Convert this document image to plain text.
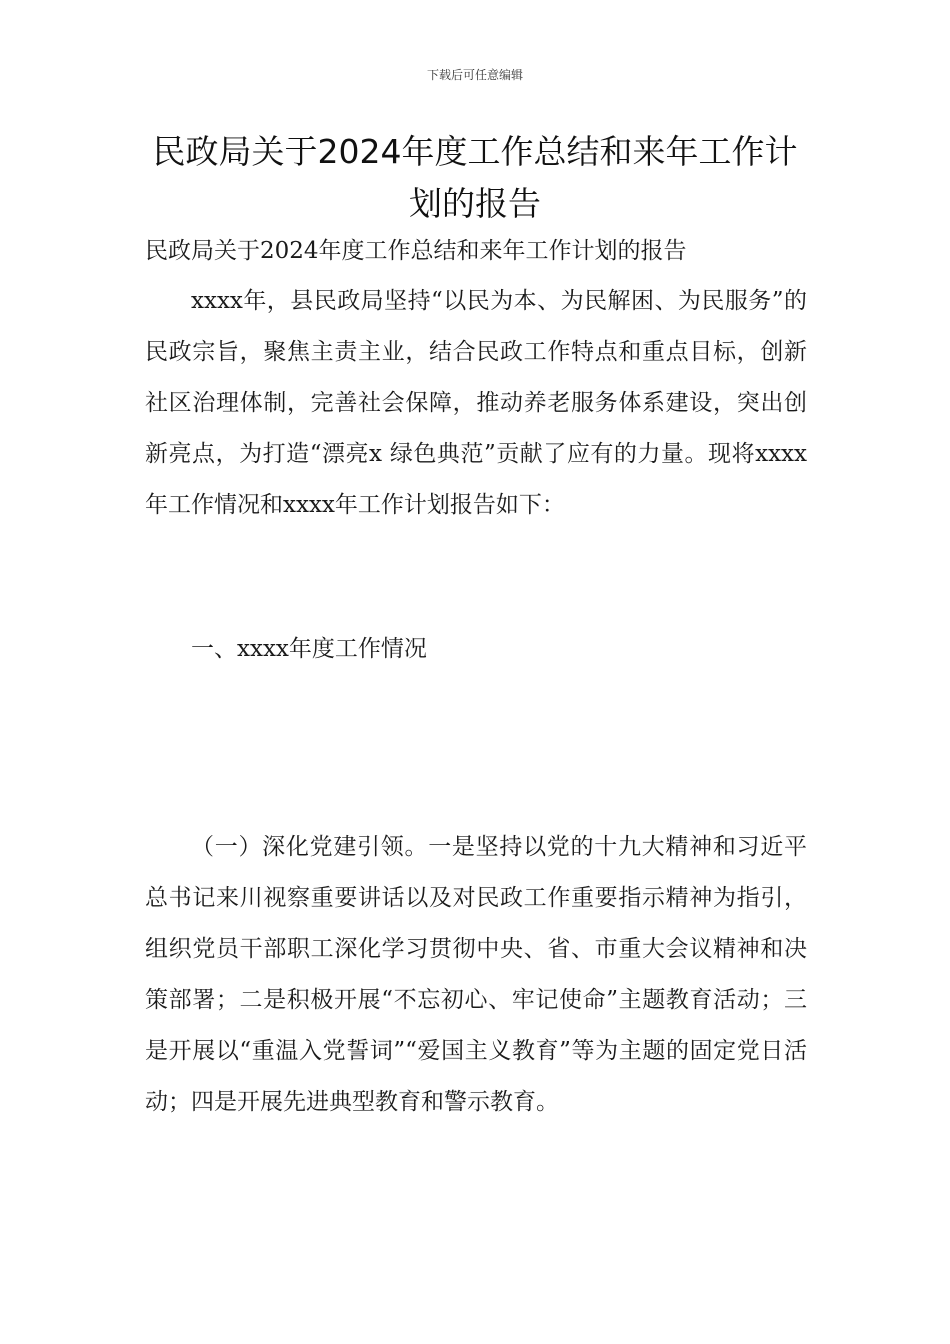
下载后可任意编辑
民政局关于2024年度工作总结和来年工作计划的报告

民政局关于2024年度工作总结和来年工作计划的报告

xxxx年，县民政局坚持“以民为本、为民解困、为民服务”的民政宗旨，聚焦主责主业，结合民政工作特点和重点目标，创新社区治理体制，完善社会保障，推动养老服务体系建设，突出创新亮点，为打造“漂亮x 绿色典范”贡献了应有的力量。现将xxxx年工作情况和xxxx年工作计划报告如下：

一、xxxx年度工作情况

（一）深化党建引领。一是坚持以党的十九大精神和习近平总书记来川视察重要讲话以及对民政工作重要指示精神为指引，组织党员干部职工深化学习贯彻中央、省、市重大会议精神和决策部署；二是积极开展“不忘初心、牢记使命”主题教育活动；三是开展以“重温入党誓词”“爱国主义教育”等为主题的固定党日活动；四是开展先进典型教育和警示教育。
